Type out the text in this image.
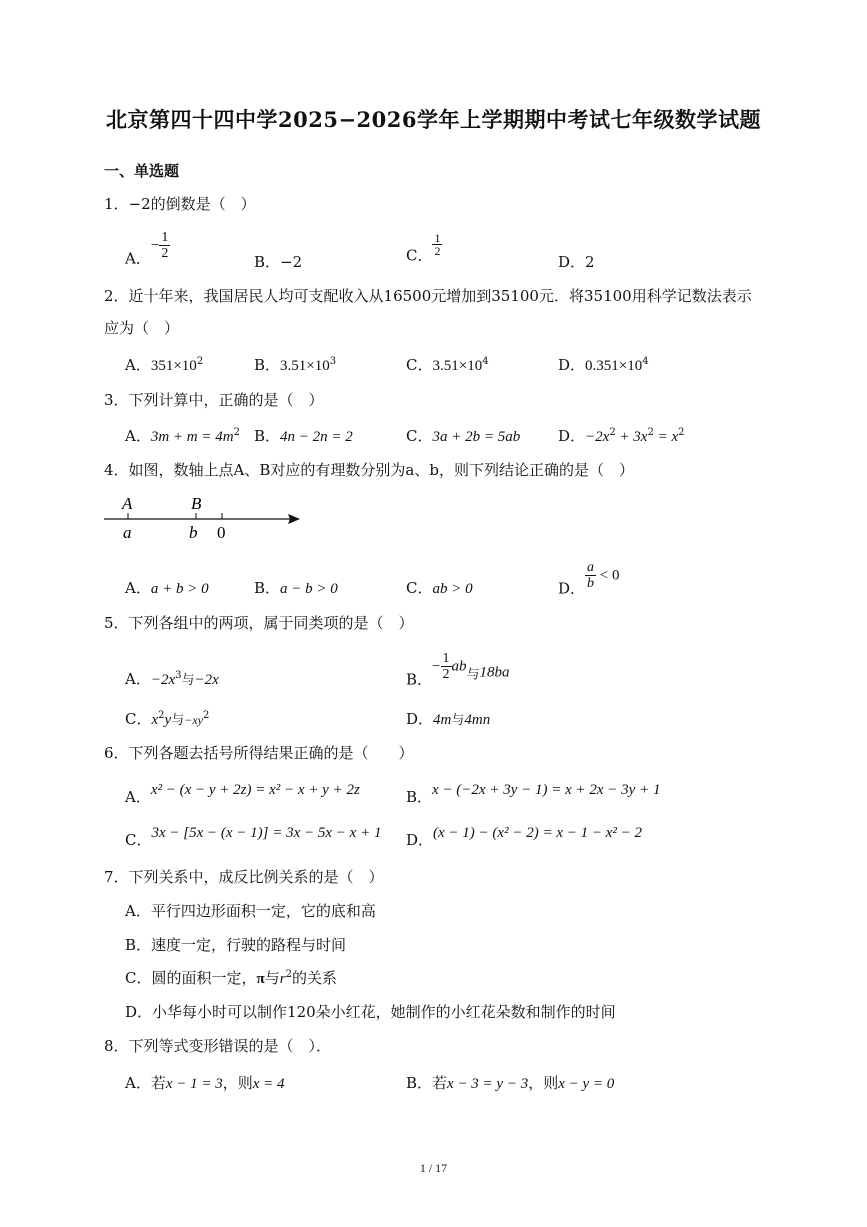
北京第四十四中学2025−2026学年上学期期中考试七年级数学试题
一、单选题
1．−2的倒数是（　）
A．− $\frac{1}{2}$
B．−2	C． $\frac{1}{2}$
D．2
2．近十年来，我国居民人均可支配收入从16500元增加到35100元．将35100用科学记数法表示
应为（　）
A．$351\times 10^2$	B．$3.51\times 10^3$	C．$3.51\times 10^4$	D．$0.351\times 10^4$
3．下列计算中，正确的是（　）
A．$3m + m = 4m^2$ B．4n − 2n = 2	C．3a + 2b = 5ab	D．$-2x^2 + 3x^2 = x^2$
4．如图，数轴上点A、B对应的有理数分别为a、b，则下列结论正确的是（　）
A	B
a	b 0
A．a + b > 0	B．a − b > 0	C．ab > 0	D． $\frac{a}{b} < 0$
5．下列各组中的两项，属于同类项的是（　）
A．$-2x^3$与−2x	B．− $\frac{1}{2}$ ab与18ba
C．$x^2y$与$-xy^2$	D．4m与4mn
6．下列各题去括号所得结果正确的是（　　）
A．x² − (x − y + 2z) = x² − x + y + 2z	B．x − (−2x + 3y − 1) = x + 2x − 3y + 1
C．3x − [5x − (x − 1)] = 3x − 5x − x + 1 D．(x − 1) − (x² − 2) = x − 1 − x² − 2
7．下列关系中，成反比例关系的是（　）
A．平行四边形面积一定，它的底和高
B．速度一定，行驶的路程与时间
C．圆的面积一定，π与$r^2$的关系
D．小华每小时可以制作120朵小红花，她制作的小红花朵数和制作的时间
8．下列等式变形错误的是（　）．
A．若x − 1 = 3，则x = 4	B．若x − 3 = y − 3，则x − y = 0
1 / 17
